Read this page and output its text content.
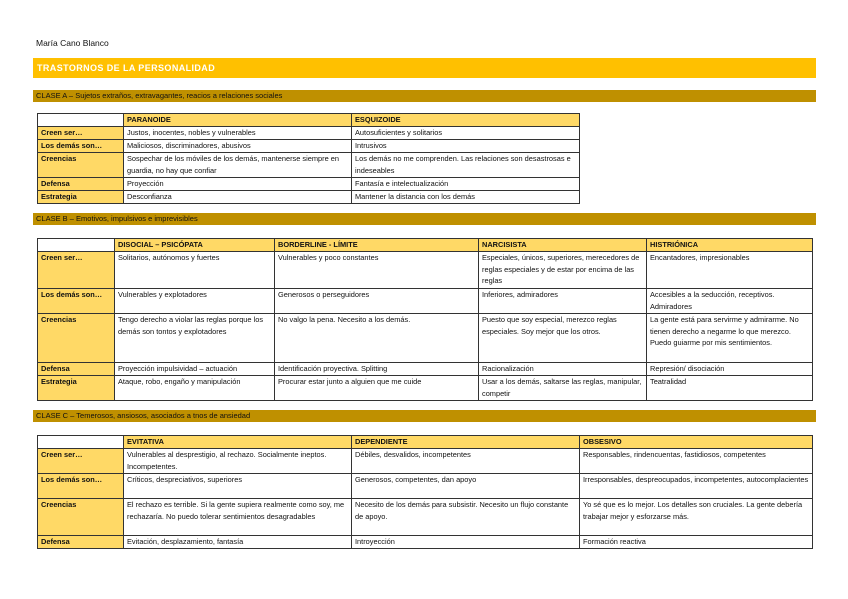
María Cano Blanco
TRASTORNOS DE LA PERSONALIDAD
CLASE A – Sujetos extraños, extravagantes, reacios a relaciones sociales
	PARANOIDE	ESQUIZOIDE
Creen ser…	Justos, inocentes, nobles y vulnerables	Autosuficientes y solitarios
Los demás son…	Maliciosos, discriminadores, abusivos	Intrusivos
Creencias	Sospechar de los móviles de los demás, mantenerse siempre en guardia, no hay que confiar	Los demás no me comprenden. Las relaciones son desastrosas e indeseables
Defensa	Proyección	Fantasía e intelectualización
Estrategia	Desconfianza	Mantener la distancia con los demás
CLASE B – Emotivos, impulsivos e imprevisibles
	DISOCIAL – PSICÓPATA	BORDERLINE - LÍMITE	NARCISISTA	HISTRIÓNICA
Creen ser…	Solitarios, autónomos y fuertes	Vulnerables y poco constantes	Especiales, únicos, superiores, merecedores de reglas especiales y de estar por encima de las reglas	Encantadores, impresionables
Los demás son…	Vulnerables y explotadores	Generosos o perseguidores	Inferiores, admiradores	Accesibles a la seducción, receptivos. Admiradores
Creencias	Tengo derecho a violar las reglas porque los demás son tontos y explotadores	No valgo la pena. Necesito a los demás.	Puesto que soy especial, merezco reglas especiales. Soy mejor que los otros.	La gente está para servirme y admirarme. No tienen derecho a negarme lo que merezco. Puedo guiarme por mis sentimientos.
Defensa	Proyección impulsividad – actuación	Identificación proyectiva. Splitting	Racionalización	Represión/ disociación
Estrategia	Ataque, robo, engaño y manipulación	Procurar estar junto a alguien que me cuide	Usar a los demás, saltarse las reglas, manipular, competir	Teatralidad
CLASE C – Temerosos, ansiosos, asociados a tnos de ansiedad
	EVITATIVA	DEPENDIENTE	OBSESIVO
Creen ser…	Vulnerables al desprestigio, al rechazo. Socialmente ineptos. Incompetentes.	Débiles, desvalidos, incompetentes	Responsables, rindencuentas, fastidiosos, competentes
Los demás son…	Críticos, despreciativos, superiores	Generosos, competentes, dan apoyo	Irresponsables, despreocupados, incompetentes, autocomplacientes
Creencias	El rechazo es terrible. Si la gente supiera realmente como soy, me rechazaría. No puedo tolerar sentimientos desagradables	Necesito de los demás para subsistir. Necesito un flujo constante de apoyo.	Yo sé que es lo mejor. Los detalles son cruciales. La gente debería trabajar mejor y esforzarse más.
Defensa	Evitación, desplazamiento, fantasía	Introyección	Formación reactiva
